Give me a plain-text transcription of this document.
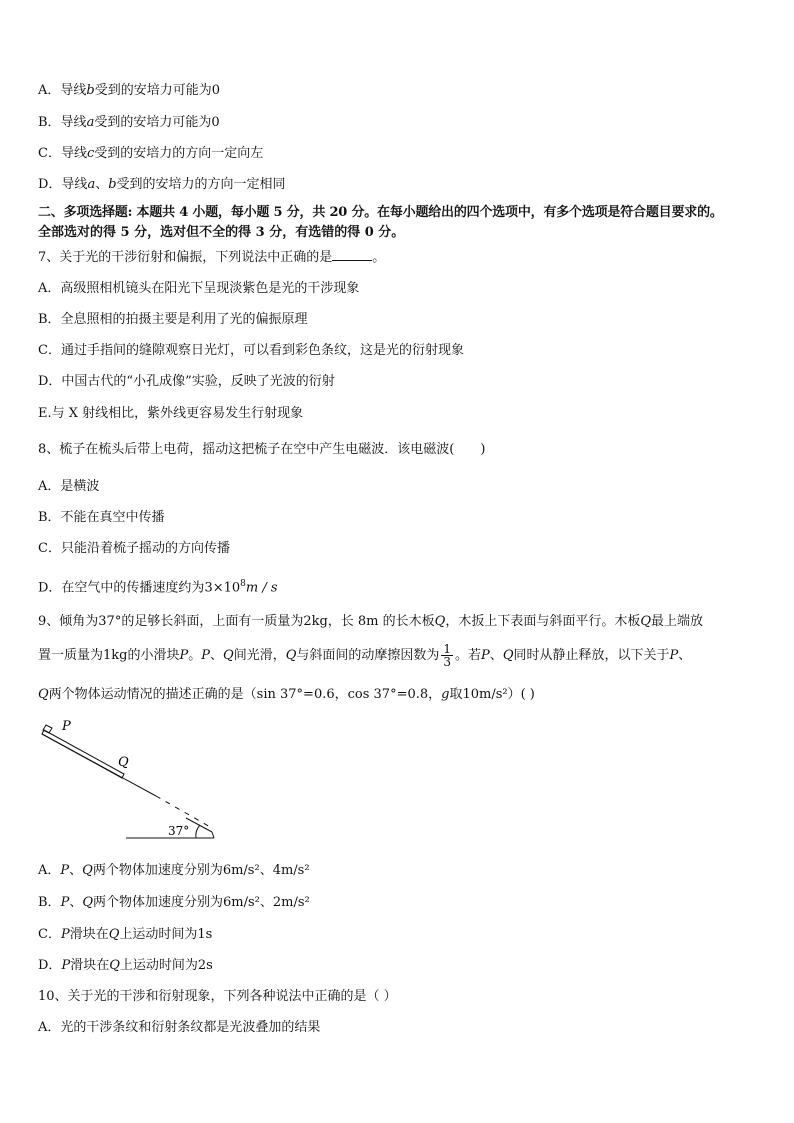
A．导线b受到的安培力可能为0
B．导线a受到的安培力可能为0
C．导线c受到的安培力的方向一定向左
D．导线a、b受到的安培力的方向一定相同
二、多项选择题: 本题共 4 小题，每小题 5 分，共 20 分。在每小题给出的四个选项中，有多个选项是符合题目要求的。
全部选对的得 5 分，选对但不全的得 3 分，有选错的得 0 分。
7、关于光的干涉衍射和偏振，下列说法中正确的是	。
A．高级照相机镜头在阳光下呈现淡紫色是光的干涉现象
B．全息照相的拍摄主要是利用了光的偏振原理
C．通过手指间的缝隙观察日光灯，可以看到彩色条纹，这是光的衍射现象
D．中国古代的“小孔成像”实验，反映了光波的衍射
E.与 X 射线相比，紫外线更容易发生行射现象
8、梳子在梳头后带上电荷，摇动这把梳子在空中产生电磁波．该电磁波(　　)
A．是横波
B．不能在真空中传播
C．只能沿着梳子摇动的方向传播
D．在空气中的传播速度约为$3\times 10^8m / s$
9、倾角为37°的足够长斜面，上面有一质量为2kg，长 8m 的长木板Q，木扳上下表面与斜面平行。木板Q最上端放
置一质量为1kg的小滑块P。P、Q间光滑，Q与斜面间的动摩擦因数为 $\frac{1}{3}$ 。若P、Q同时从静止释放，以下关于P、
Q两个物体运动情况的描述正确的是（sin 37°=0.6，cos 37°=0.8，g取10m/s²）( )
P
Q
37°
A．P、Q两个物体加速度分别为6m/s²、4m/s²
B．P、Q两个物体加速度分别为6m/s²、2m/s²
C．P滑块在Q上运动时间为1s
D．P滑块在Q上运动时间为2s
10、关于光的干涉和衍射现象，下列各种说法中正确的是（ ）
A．光的干涉条纹和衍射条纹都是光波叠加的结果
